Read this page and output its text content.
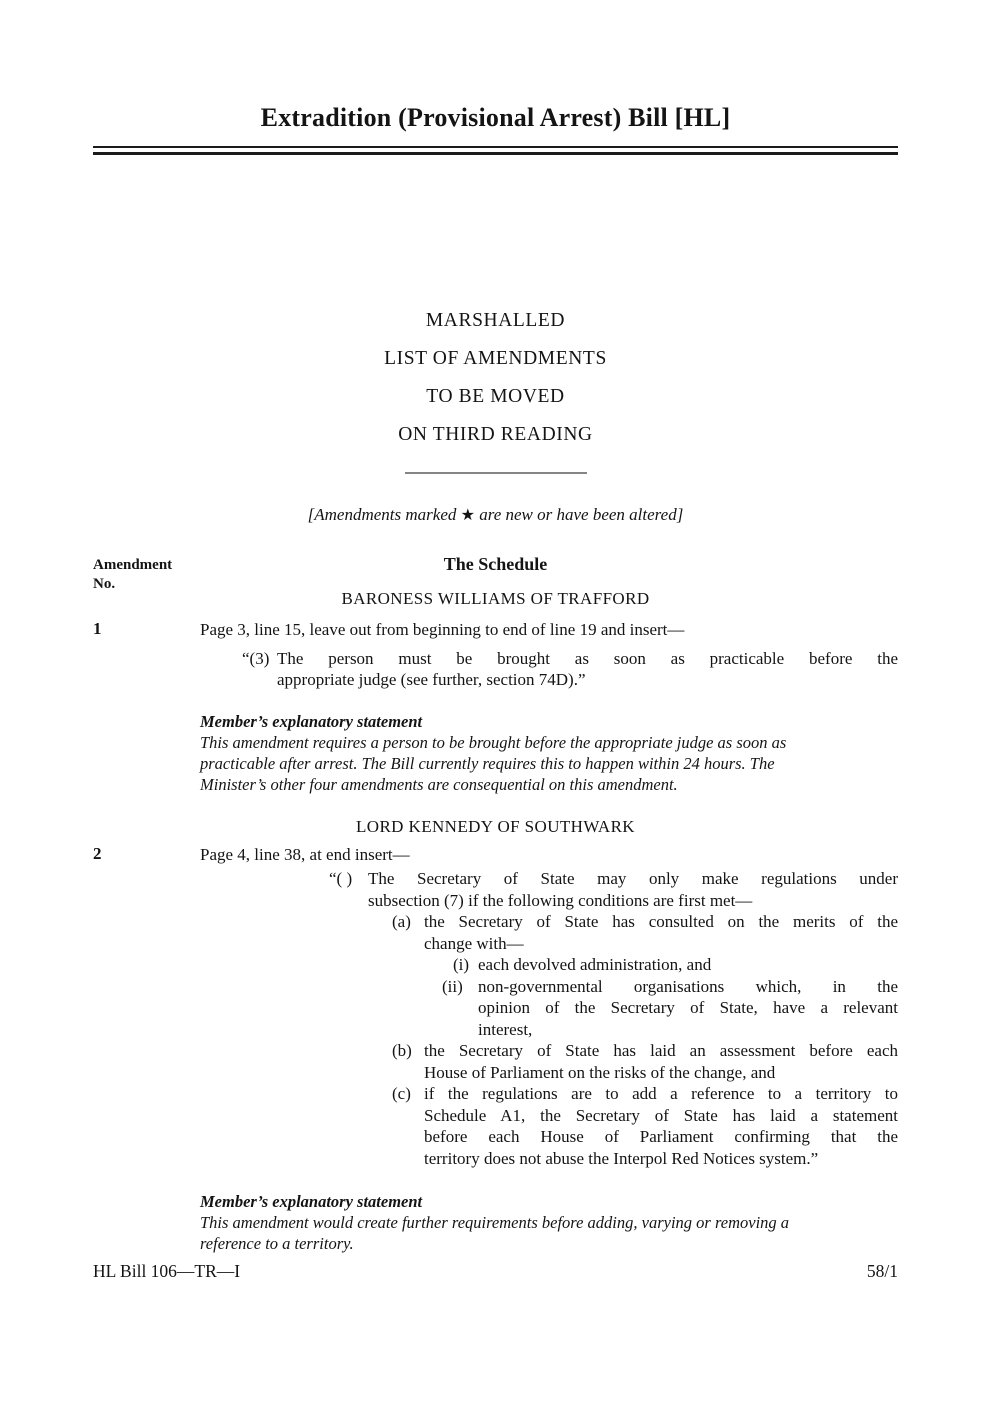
Extradition (Provisional Arrest) Bill [HL]
MARSHALLED
LIST OF AMENDMENTS
TO BE MOVED
ON THIRD READING
[Amendments marked ★ are new or have been altered]
Amendment
No.
The Schedule
BARONESS WILLIAMS OF TRAFFORD
1	Page 3, line 15, leave out from beginning to end of line 19 and insert—
“(3) The person must be brought as soon as practicable before the
appropriate judge (see further, section 74D).”
Member’s explanatory statement
This amendment requires a person to be brought before the appropriate judge as soon as
practicable after arrest. The Bill currently requires this to happen within 24 hours. The
Minister’s other four amendments are consequential on this amendment.
LORD KENNEDY OF SOUTHWARK
2	Page 4, line 38, at end insert—
“( ) The Secretary of State may only make regulations under
subsection (7) if the following conditions are first met—
(a) the Secretary of State has consulted on the merits of the
change with—
(i) each devolved administration, and
(ii) non-governmental organisations which, in the
opinion of the Secretary of State, have a relevant
interest,
(b) the Secretary of State has laid an assessment before each
House of Parliament on the risks of the change, and
(c) if the regulations are to add a reference to a territory to
Schedule A1, the Secretary of State has laid a statement
before each House of Parliament confirming that the
territory does not abuse the Interpol Red Notices system.”
Member’s explanatory statement
This amendment would create further requirements before adding, varying or removing a
reference to a territory.
HL Bill 106—TR—I	58/1
